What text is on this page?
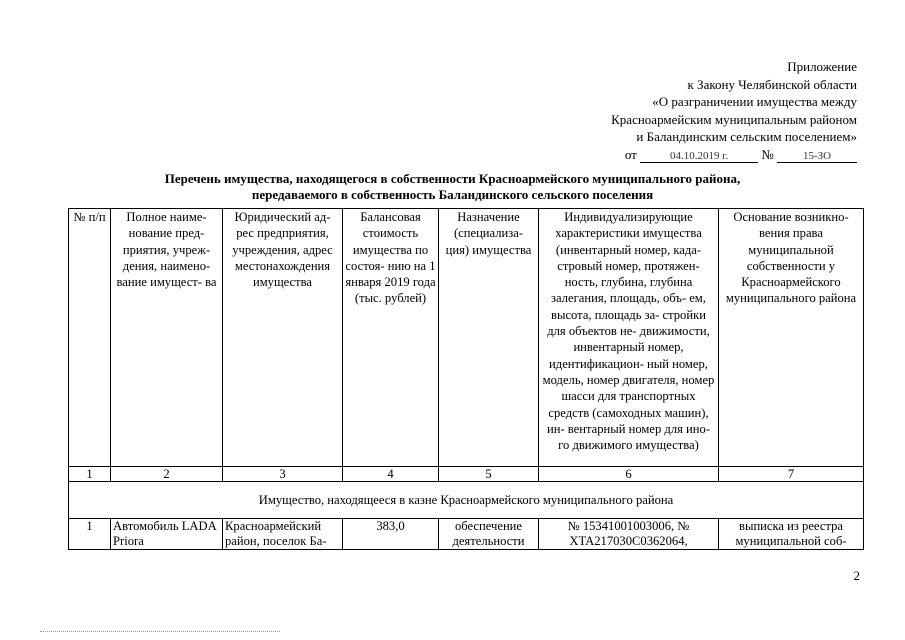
Приложение
к Закону Челябинской области
«О разграничении имущества между
Красноармейским муниципальным районом
и Баландинским сельским поселением»
от	04.10.2019 г.	№	15-ЗО
Перечень имущества, находящегося в собственности Красноармейского муниципального района,
передаваемого в собственность Баландинского сельского поселения
№ п/п	Полное наиме- нование пред- приятия, учреж- дения, наимено- вание имущест- ва	Юридический ад- рес предприятия, учреждения, адрес местонахождения имущества	Балансовая стоимость имущества по состоя- нию на 1 января 2019 года (тыс. рублей)	Назначение (специализа- ция) имущества	Индивидуализирующие характеристики имущества (инвентарный номер, када- стровый номер, протяжен- ность, глубина, глубина залегания, площадь, объ- ем, высота, площадь за- стройки для объектов не- движимости, инвентарный номер, идентификацион- ный номер, модель, номер двигателя, номер шасси для транспортных средств (самоходных машин), ин- вентарный номер для ино- го движимого имущества)	Основание возникно- вения права муниципальной собственности у Красноармейского муниципального района
1	2	3	4	5	6	7
Имущество, находящееся в казне Красноармейского муниципального района						
1	Автомобиль LADA Priora	Красноармейский район, поселок Ба-	383,0	обеспечение деятельности	№ 15341001003006, № XTA217030C0362064,	выписка из реестра муниципальной соб-
2
